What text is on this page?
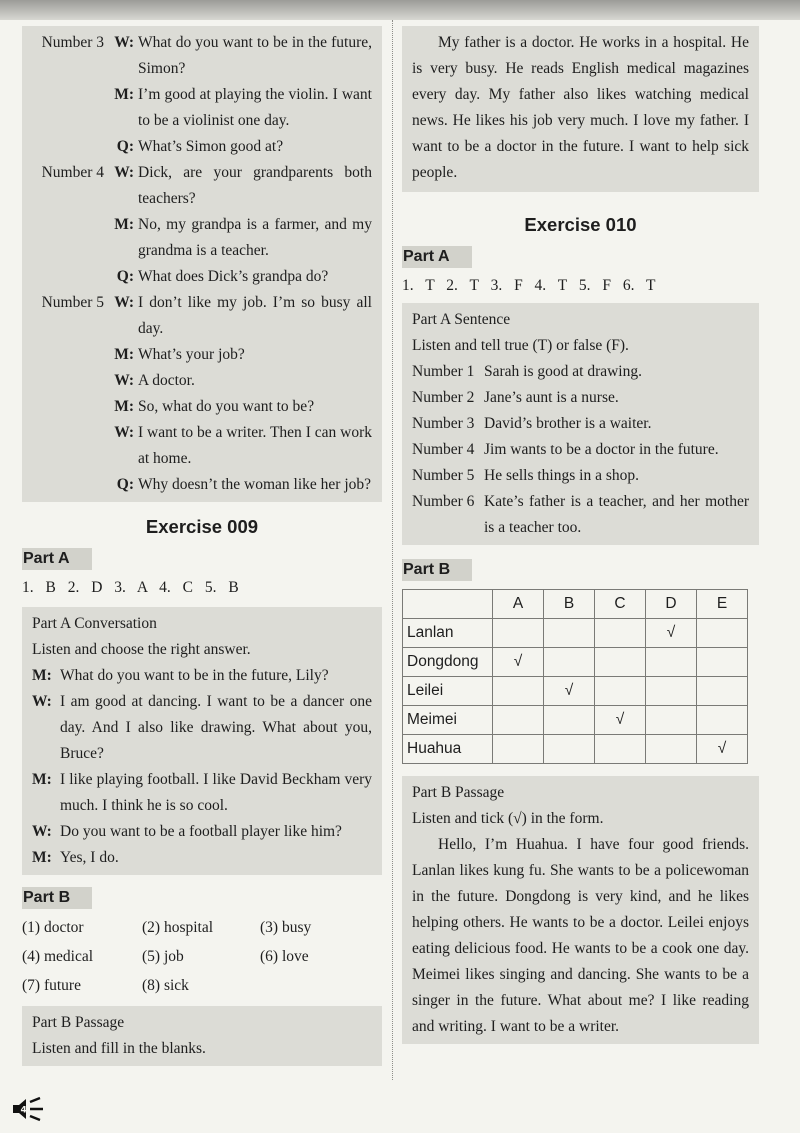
Number 3 W: What do you want to be in the future, Simon?
M: I’m good at playing the violin. I want to be a violinist one day.
Q: What’s Simon good at?
Number 4 W: Dick, are your grandparents both teachers?
M: No, my grandpa is a farmer, and my grandma is a teacher.
Q: What does Dick’s grandpa do?
Number 5 W: I don’t like my job. I’m so busy all day.
M: What’s your job?
W: A doctor.
M: So, what do you want to be?
W: I want to be a writer. Then I can work at home.
Q: Why doesn’t the woman like her job?
Exercise 009
Part A

1. B 2. D 3. A 4. C 5. B

Part A Conversation
Listen and choose the right answer.
M: What do you want to be in the future, Lily?
W: I am good at dancing. I want to be a dancer one day. And I also like drawing. What about you, Bruce?
M: I like playing football. I like David Beckham very much. I think he is so cool.
W: Do you want to be a football player like him?
M: Yes, I do.
Part B
(1) doctor	(2) hospital	(3) busy
(4) medical	(5) job	(6) love
(7) future	(8) sick
Part B Passage
Listen and fill in the blanks.
My father is a doctor. He works in a hospital. He is very busy. He reads English medical magazines every day. My father also likes watching medical news. He likes his job very much. I love my father. I want to be a doctor in the future. I want to help sick people.
Exercise 010
Part A

1. T 2. T 3. F 4. T 5. F 6. T

Part A Sentence
Listen and tell true (T) or false (F).
Number 1 Sarah is good at drawing.
Number 2 Jane’s aunt is a nurse.
Number 3 David’s brother is a waiter.
Number 4 Jim wants to be a doctor in the future.
Number 5 He sells things in a shop.
Number 6 Kate’s father is a teacher, and her mother is a teacher too.
Part B
	A	B	C	D	E
Lanlan				√	
Dongdong	√				
Leilei		√			
Meimei			√		
Huahua					√
Part B Passage
Listen and tick (√) in the form.
Hello, I’m Huahua. I have four good friends. Lanlan likes kung fu. She wants to be a policewoman in the future. Dongdong is very kind, and he likes helping others. He wants to be a doctor. Leilei enjoys eating delicious food. He wants to be a cook one day. Meimei likes singing and dancing. She wants to be a singer in the future. What about me? I like reading and writing. I want to be a writer.
4
